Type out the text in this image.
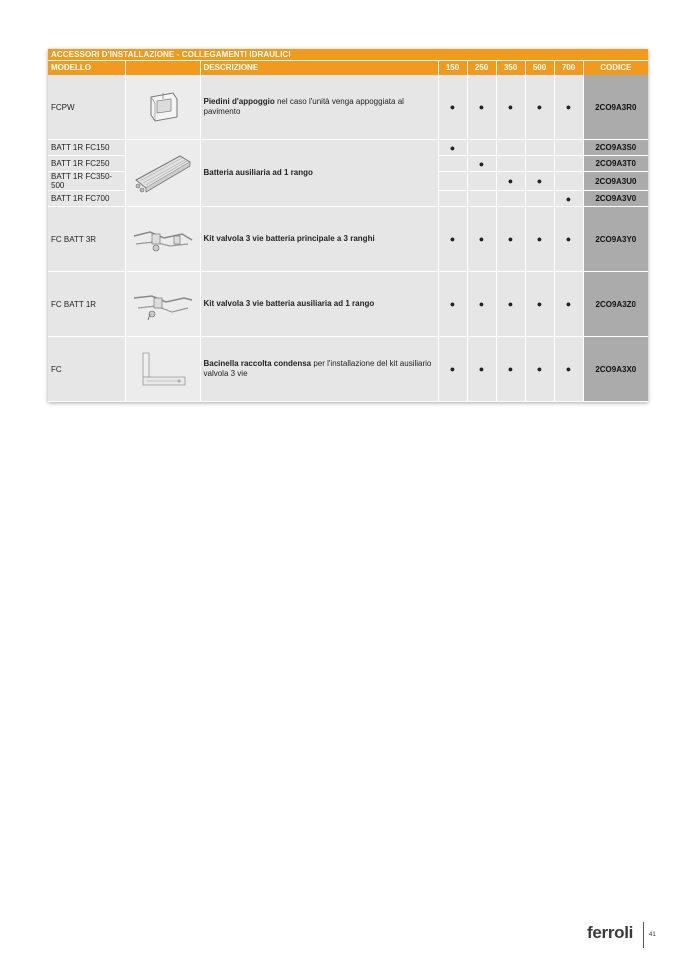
ACCESSORI D'INSTALLAZIONE - COLLEGAMENTI IDRAULICI								
MODELLO		DESCRIZIONE	150	250	350	500	700	CODICE
FCPW		Piedini d'appoggio nel caso l'unità venga appoggiata al pavimento	●	●	●	●	●	2CO9A3R0
BATT 1R FC150		Batteria ausiliaria ad 1 rango	●					2CO9A3S0
BATT 1R FC250				●				2CO9A3T0
BATT 1R FC350-500					●	●		2CO9A3U0
BATT 1R FC700							●	2CO9A3V0
FC BATT 3R		Kit valvola 3 vie batteria principale a 3 ranghi	●	●	●	●	●	2CO9A3Y0
FC BATT 1R		Kit valvola 3 vie batteria ausiliaria ad 1 rango	●	●	●	●	●	2CO9A3Z0
FC		Bacinella raccolta condensa per l'installazione del kit ausiliario valvola 3 vie	●	●	●	●	●	2CO9A3X0
ferroli	41
